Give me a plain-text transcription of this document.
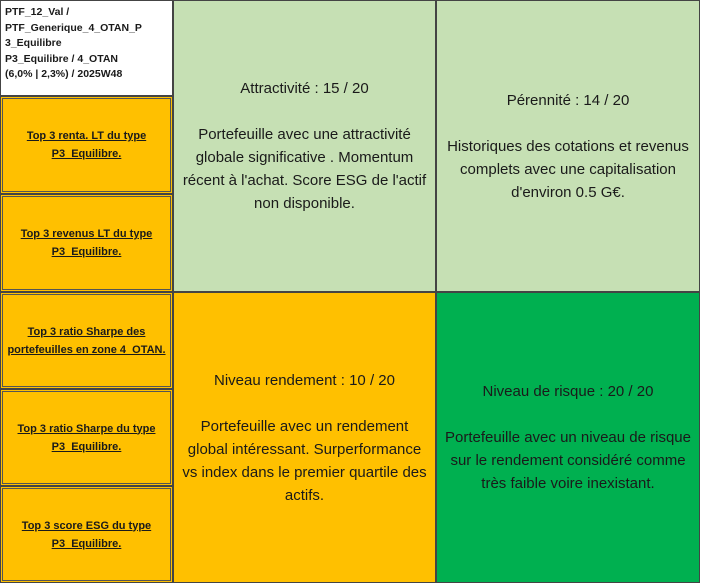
PTF_12_Val /
PTF_Generique_4_OTAN_P
3_Equilibre
P3_Equilibre / 4_OTAN
(6,0% | 2,3%) / 2025W48
Top 3 renta. LT du type P3_Equilibre.
Top 3 revenus LT du type P3_Equilibre.
Top 3 ratio Sharpe des portefeuilles en zone 4_OTAN.
Top 3 ratio Sharpe du type P3_Equilibre.
Top 3 score ESG du type P3_Equilibre.
Attractivité : 15 / 20
Portefeuille avec une attractivité globale significative . Momentum récent à l'achat. Score ESG de l'actif non disponible.
Pérennité : 14 / 20
Historiques des cotations et revenus complets avec une capitalisation d'environ 0.5 G€.
Niveau rendement : 10 / 20
Portefeuille avec un rendement global intéressant. Surperformance vs index dans le premier quartile des actifs.
Niveau de risque : 20 / 20
Portefeuille avec un niveau de risque sur le rendement considéré comme très faible voire inexistant.
